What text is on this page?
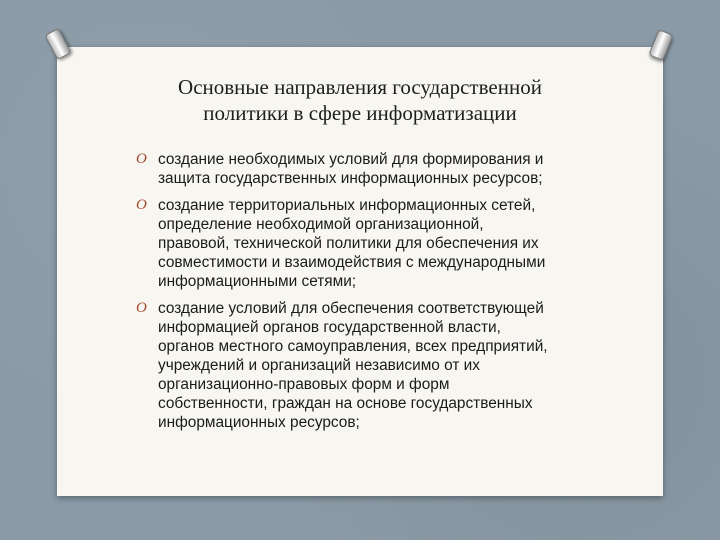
Основные направления государственной
политики в сфере информатизации
O создание необходимых условий для формирования и
защита государственных информационных ресурсов;
O создание территориальных информационных сетей,
определение необходимой организационной,
правовой, технической политики для обеспечения их
совместимости и взаимодействия с международными
информационными сетями;
O создание условий для обеспечения соответствующей
информацией органов государственной власти,
органов местного самоуправления, всех предприятий,
учреждений и организаций независимо от их
организационно-правовых форм и форм
собственности, граждан на основе государственных
информационных ресурсов;
